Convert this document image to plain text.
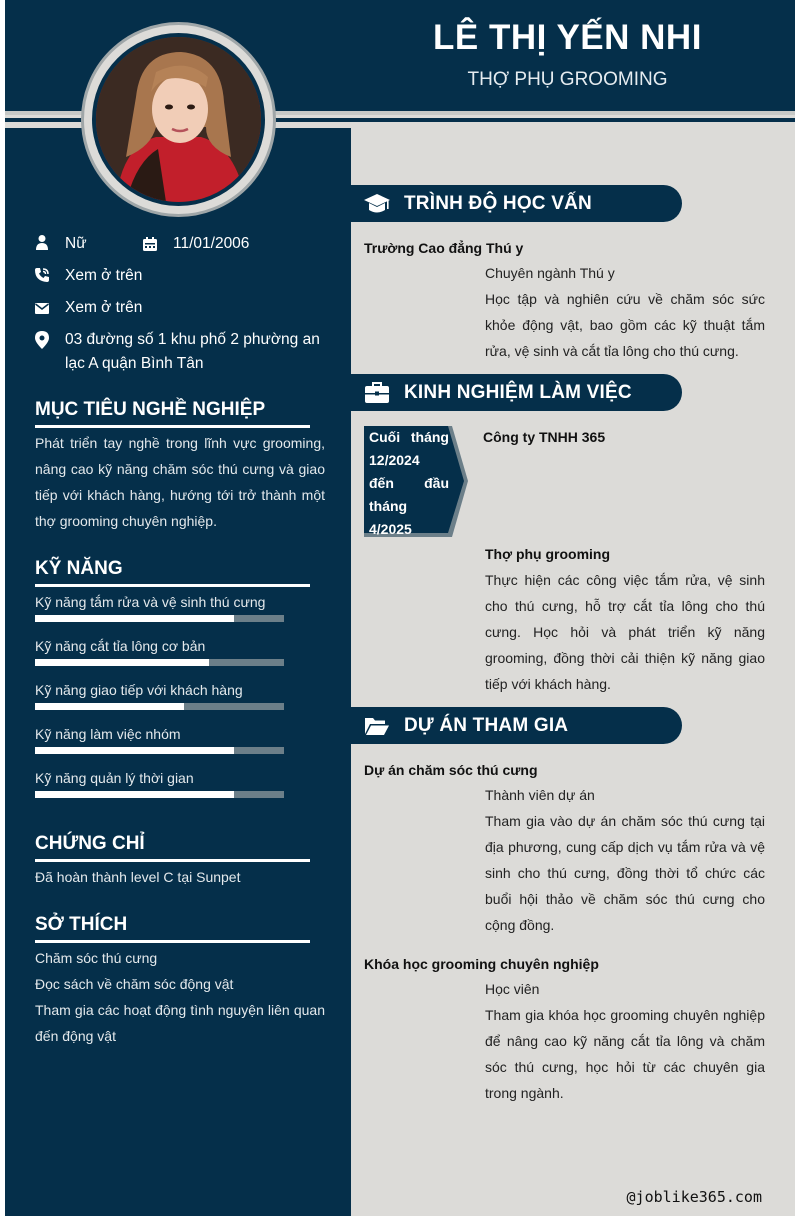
LÊ THỊ YẾN NHI
THỢ PHỤ GROOMING
Nữ	11/01/2006
Xem ở trên
Xem ở trên
03 đường số 1 khu phố 2 phường an lạc A quận Bình Tân
MỤC TIÊU NGHỀ NGHIỆP
Phát triển tay nghề trong lĩnh vực grooming, nâng cao kỹ năng chăm sóc thú cưng và giao tiếp với khách hàng, hướng tới trở thành một thợ grooming chuyên nghiệp.
KỸ NĂNG
Kỹ năng tắm rửa và vệ sinh thú cưng
Kỹ năng cắt tỉa lông cơ bản
Kỹ năng giao tiếp với khách hàng
Kỹ năng làm việc nhóm
Kỹ năng quản lý thời gian
CHỨNG CHỈ
Đã hoàn thành level C tại Sunpet
SỞ THÍCH
Chăm sóc thú cưng
Đọc sách về chăm sóc động vật
Tham gia các hoạt động tình nguyện liên quan đến động vật
TRÌNH ĐỘ HỌC VẤN
Trường Cao đẳng Thú y
Chuyên ngành Thú y
Học tập và nghiên cứu về chăm sóc sức khỏe động vật, bao gồm các kỹ thuật tắm rửa, vệ sinh và cắt tỉa lông cho thú cưng.
KINH NGHIỆM LÀM VIỆC
Cuối tháng
12/2024
đến đầu
tháng
4/2025
Công ty TNHH 365
Thợ phụ grooming
Thực hiện các công việc tắm rửa, vệ sinh cho thú cưng, hỗ trợ cắt tỉa lông cho thú cưng. Học hỏi và phát triển kỹ năng grooming, đồng thời cải thiện kỹ năng giao tiếp với khách hàng.
DỰ ÁN THAM GIA
Dự án chăm sóc thú cưng
Thành viên dự án
Tham gia vào dự án chăm sóc thú cưng tại địa phương, cung cấp dịch vụ tắm rửa và vệ sinh cho thú cưng, đồng thời tổ chức các buổi hội thảo về chăm sóc thú cưng cho cộng đồng.
Khóa học grooming chuyên nghiệp
Học viên
Tham gia khóa học grooming chuyên nghiệp để nâng cao kỹ năng cắt tỉa lông và chăm sóc thú cưng, học hỏi từ các chuyên gia trong ngành.
@joblike365.com
